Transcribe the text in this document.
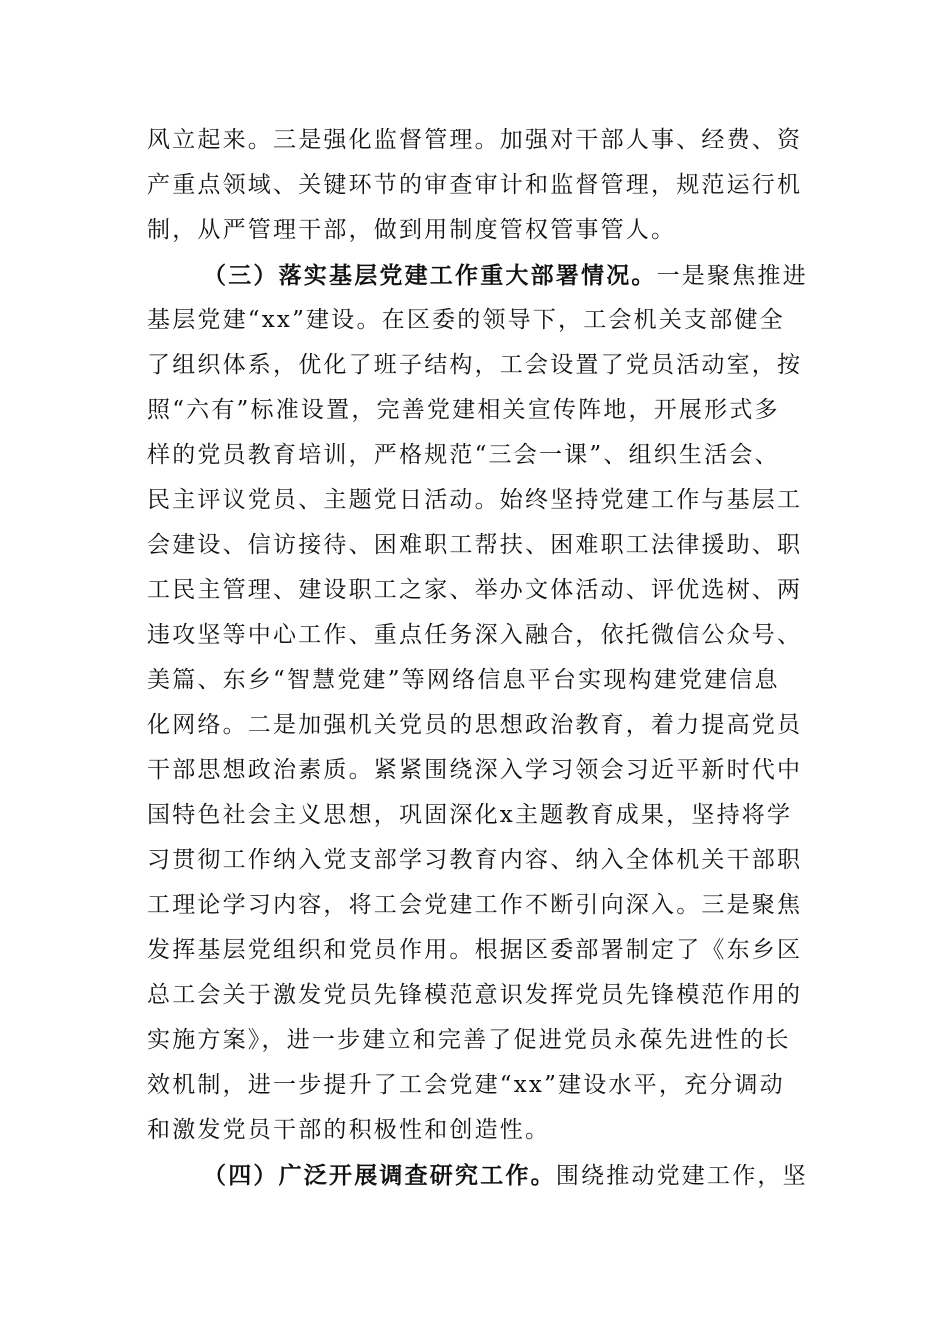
风立起来。三是强化监督管理。加强对干部人事、经费、资
产重点领域、关键环节的审查审计和监督管理，规范运行机
制，从严管理干部，做到用制度管权管事管人。
（三）落实基层党建工作重大部署情况。一是聚焦推进
基层党建“xx”建设。在区委的领导下，工会机关支部健全
了组织体系，优化了班子结构，工会设置了党员活动室，按
照“六有”标准设置，完善党建相关宣传阵地，开展形式多
样的党员教育培训，严格规范“三会一课”、组织生活会、
民主评议党员、主题党日活动。始终坚持党建工作与基层工
会建设、信访接待、困难职工帮扶、困难职工法律援助、职
工民主管理、建设职工之家、举办文体活动、评优选树、两
违攻坚等中心工作、重点任务深入融合，依托微信公众号、
美篇、东乡“智慧党建”等网络信息平台实现构建党建信息
化网络。二是加强机关党员的思想政治教育，着力提高党员
干部思想政治素质。紧紧围绕深入学习领会习近平新时代中
国特色社会主义思想，巩固深化x主题教育成果，坚持将学
习贯彻工作纳入党支部学习教育内容、纳入全体机关干部职
工理论学习内容，将工会党建工作不断引向深入。三是聚焦
发挥基层党组织和党员作用。根据区委部署制定了《东乡区
总工会关于激发党员先锋模范意识发挥党员先锋模范作用的
实施方案》，进一步建立和完善了促进党员永葆先进性的长
效机制，进一步提升了工会党建“xx”建设水平，充分调动
和激发党员干部的积极性和创造性。
（四）广泛开展调查研究工作。围绕推动党建工作，坚
